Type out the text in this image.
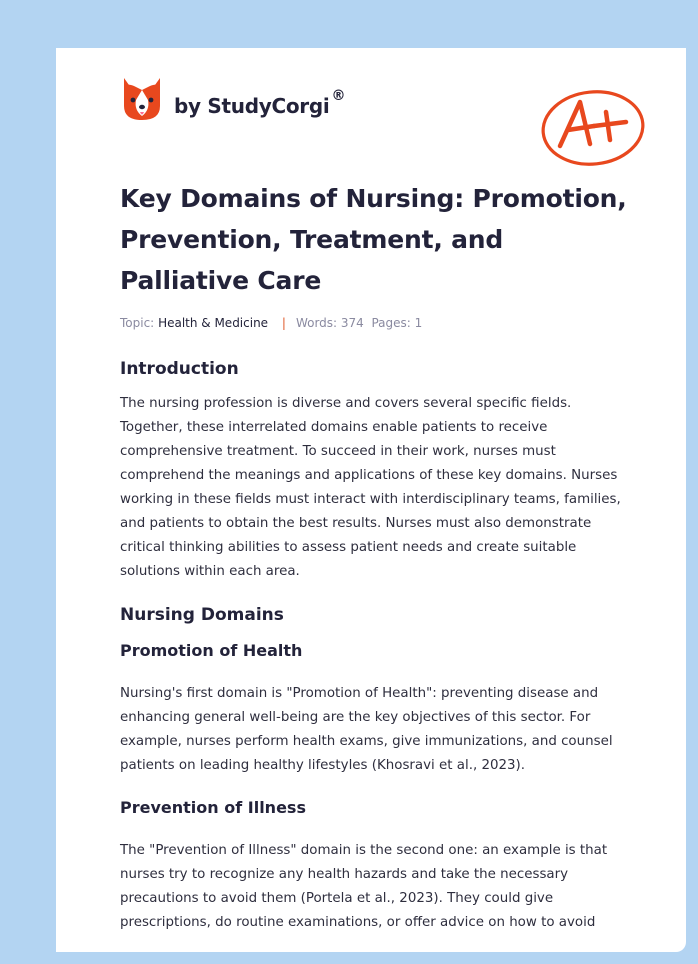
by StudyCorgi ®
Key Domains of Nursing: Promotion, Prevention, Treatment, and Palliative Care
Topic: Health & Medicine | Words: 374 Pages: 1
Introduction

The nursing profession is diverse and covers several specific fields. Together, these interrelated domains enable patients to receive comprehensive treatment. To succeed in their work, nurses must comprehend the meanings and applications of these key domains. Nurses working in these fields must interact with interdisciplinary teams, families, and patients to obtain the best results. Nurses must also demonstrate critical thinking abilities to assess patient needs and create suitable solutions within each area.

Nursing Domains
Promotion of Health

Nursing's first domain is "Promotion of Health": preventing disease and enhancing general well-being are the key objectives of this sector. For example, nurses perform health exams, give immunizations, and counsel patients on leading healthy lifestyles (Khosravi et al., 2023).

Prevention of Illness

The "Prevention of Illness" domain is the second one: an example is that nurses try to recognize any health hazards and take the necessary precautions to avoid them (Portela et al., 2023). They could give prescriptions, do routine examinations, or offer advice on how to avoid
